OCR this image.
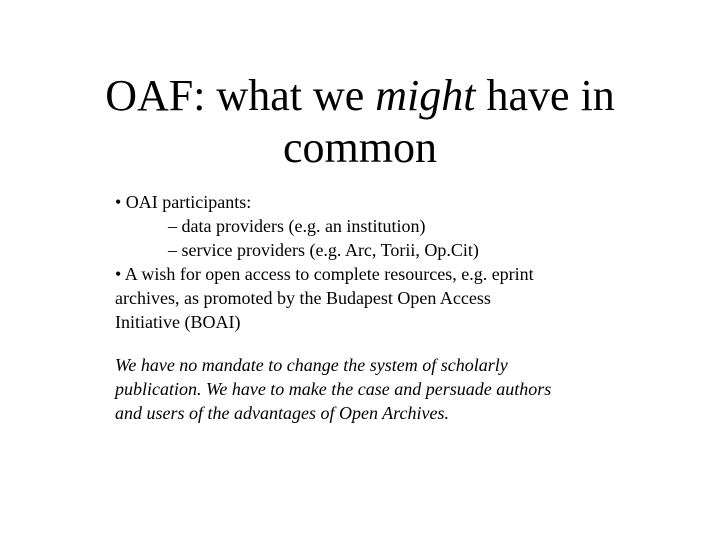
OAF: what we might have in
common
• OAI participants:
– data providers (e.g. an institution)
– service providers (e.g. Arc, Torii, Op.Cit)
• A wish for open access to complete resources, e.g. eprint
archives, as promoted by the Budapest Open Access
Initiative (BOAI)
We have no mandate to change the system of scholarly
publication. We have to make the case and persuade authors
and users of the advantages of Open Archives.
